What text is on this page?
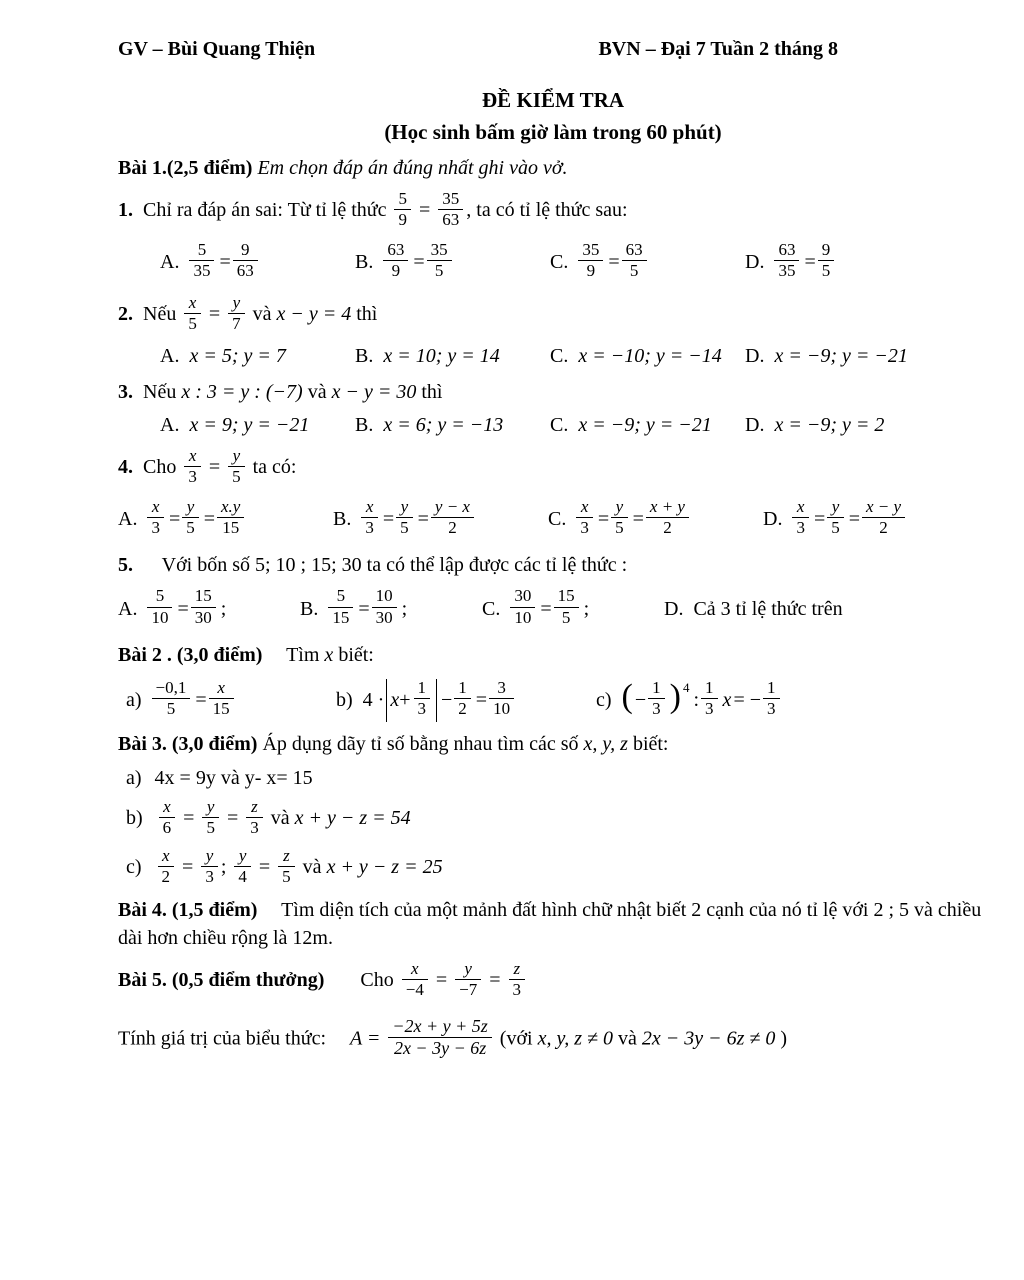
GV – Bùi Quang Thiện	BVN – Đại 7 Tuần 2 tháng 8
ĐỀ KIỂM TRA
(Học sinh bấm giờ làm trong 60 phút)
Bài 1.(2,5 điểm) Em chọn đáp án đúng nhất ghi vào vở.
1. Chỉ ra đáp án sai: Từ tỉ lệ thức $\frac{5}{9} = \frac{35}{63}$ , ta có tỉ lệ thức sau:
A. $\frac{5}{35} = \frac{9}{63}$	B. $\frac{63}{9} = \frac{35}{5}$	C. $\frac{35}{9} = \frac{63}{5}$	D. $\frac{63}{35} = \frac{9}{5}$
2. Nếu $\frac{x}{5} = \frac{y}{7}$ và x − y = 4 thì
A. x = 5; y = 7	B. x = 10; y = 14	C. x = −10; y = −14 D. x = −9; y = −21
3. Nếu x : 3 = y : (−7) và x − y = 30 thì
A. x = 9; y = −21 B. x = 6; y = −13 C. x = −9; y = −21 D. x = −9; y = 2
4. Cho $\frac{x}{3} = \frac{y}{5}$ ta có:
A. $\frac{x}{3} = \frac{y}{5} = \frac{x.y}{15}$	B. $\frac{x}{3} = \frac{y}{5} = \frac{y - x}{2}$	C. $\frac{x}{3} = \frac{y}{5} = \frac{x + y}{2}$	D. $\frac{x}{3} = \frac{y}{5} = \frac{x - y}{2}$
5. Với bốn số 5; 10 ; 15; 30 ta có thể lập được các tỉ lệ thức :
A. $\frac{5}{10} = \frac{15}{30}$ ;	B. $\frac{5}{15} = \frac{10}{30}$ ;	C. $\frac{30}{10} = \frac{15}{5}$ ;	D. Cả 3 tỉ lệ thức trên
Bài 2 . (3,0 điểm) Tìm x biết:
$a) \frac{-0,1}{5} = \frac{x}{15}$	b) $4 \cdot x + \frac{1}{3} - \frac{1}{2} = \frac{3}{10}$	c) ( − $\frac{1}{3}$ ) 4
: $\frac{1}{3}$ x = − $\frac{1}{3}$
Bài 3. (3,0 điểm) Áp dụng dãy tỉ số bằng nhau tìm các số x, y, z biết:
a) 4x = 9y và y- x= 15
$b) \frac{x}{6} = \frac{y}{5} = \frac{z}{3}$ và x + y − z = 54
$c) \frac{x}{2} = \frac{y}{3}$ ; $\frac{y}{4} = \frac{z}{5}$ và x + y − z = 25
Bài 4. (1,5 điểm) Tìm diện tích của một mảnh đất hình chữ nhật biết 2 cạnh của nó tỉ lệ với 2 ; 5 và chiều dài hơn chiều rộng là 12m.
Bài 5. (0,5 điểm thưởng) Cho $\frac{x}{-4} = \frac{y}{-7} = \frac{z}{3}$
Tính giá trị của biểu thức: $A = \frac{-2x + y + 5z}{2x - 3y - 6z}$ (với x, y, z ≠ 0 và 2x − 3y − 6z ≠ 0 )
